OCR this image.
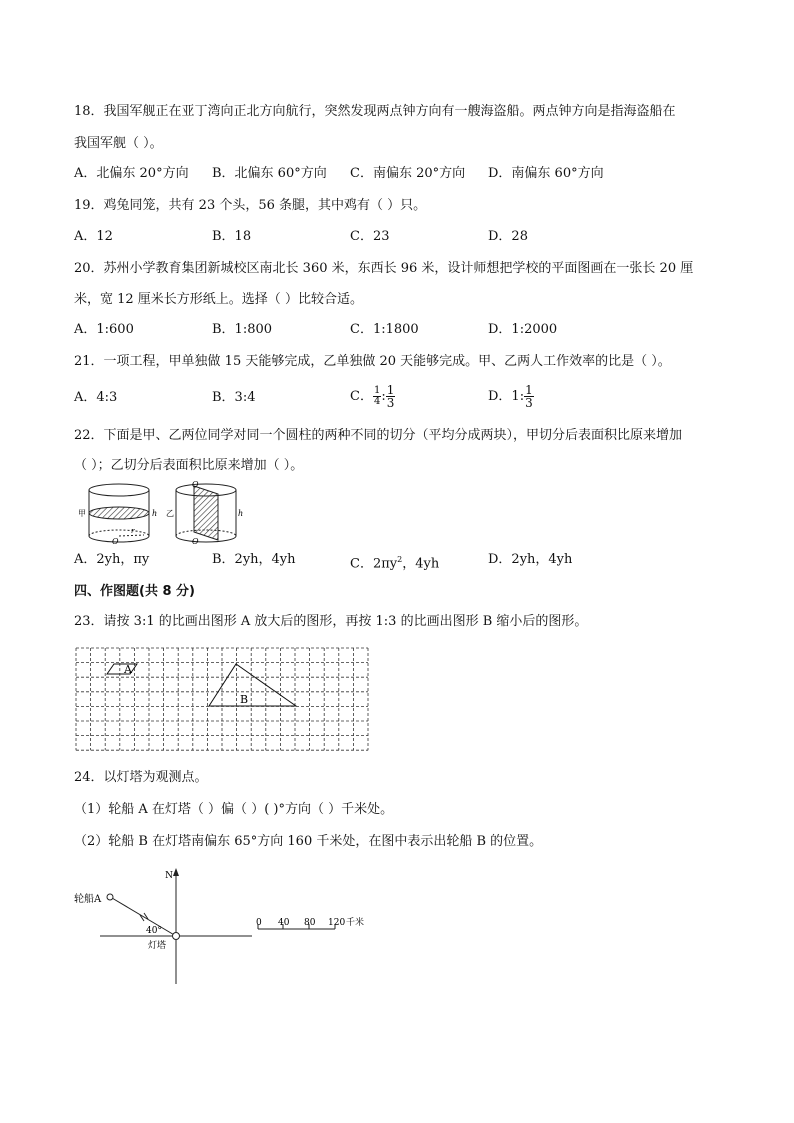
18．我国军舰正在亚丁湾向正北方向航行，突然发现两点钟方向有一艘海盗船。两点钟方向是指海盗船在
我国军舰（ ）。
A．北偏东 20°方向 B．北偏东 60°方向 C．南偏东 20°方向 D．南偏东 60°方向
19．鸡兔同笼，共有 23 个头，56 条腿，其中鸡有（ ）只。
A．12	B．18	C．23	D．28
20．苏州小学教育集团新城校区南北长 360 米，东西长 96 米，设计师想把学校的平面图画在一张长 20 厘
米，宽 12 厘米长方形纸上。选择（ ）比较合适。
A．1:600	B．1:800	C．1:1800	D．1:2000
21．一项工程，甲单独做 15 天能够完成，乙单独做 20 天能够完成。甲、乙两人工作效率的比是（ ）。
A．4:3	B．3:4	C． $\frac{1}{4}$ : $\frac{1}{3}$	D．1: $\frac{1}{3}$
22．下面是甲、乙两位同学对同一个圆柱的两种不同的切分（平均分成两块），甲切分后表面积比原来增加
（ ）；乙切分后表面积比原来增加（ ）。
甲	h
O
r
乙	h
O
O
A．2yh，πy	B．2yh，4yh	C．$2\pi y^2$，4yh	D．2yh，4yh
四、作图题(共 8 分)
23．请按 3:1 的比画出图形 A 放大后的图形，再按 1:3 的比画出图形 B 缩小后的图形。
A
B
24．以灯塔为观测点。
（1）轮船 A 在灯塔（ ）偏（ ）( )°方向（ ）千米处。
（2）轮船 B 在灯塔南偏东 65°方向 160 千米处，在图中表示出轮船 B 的位置。
N
轮船A
40°
灯塔
0 40 80 120 千米
